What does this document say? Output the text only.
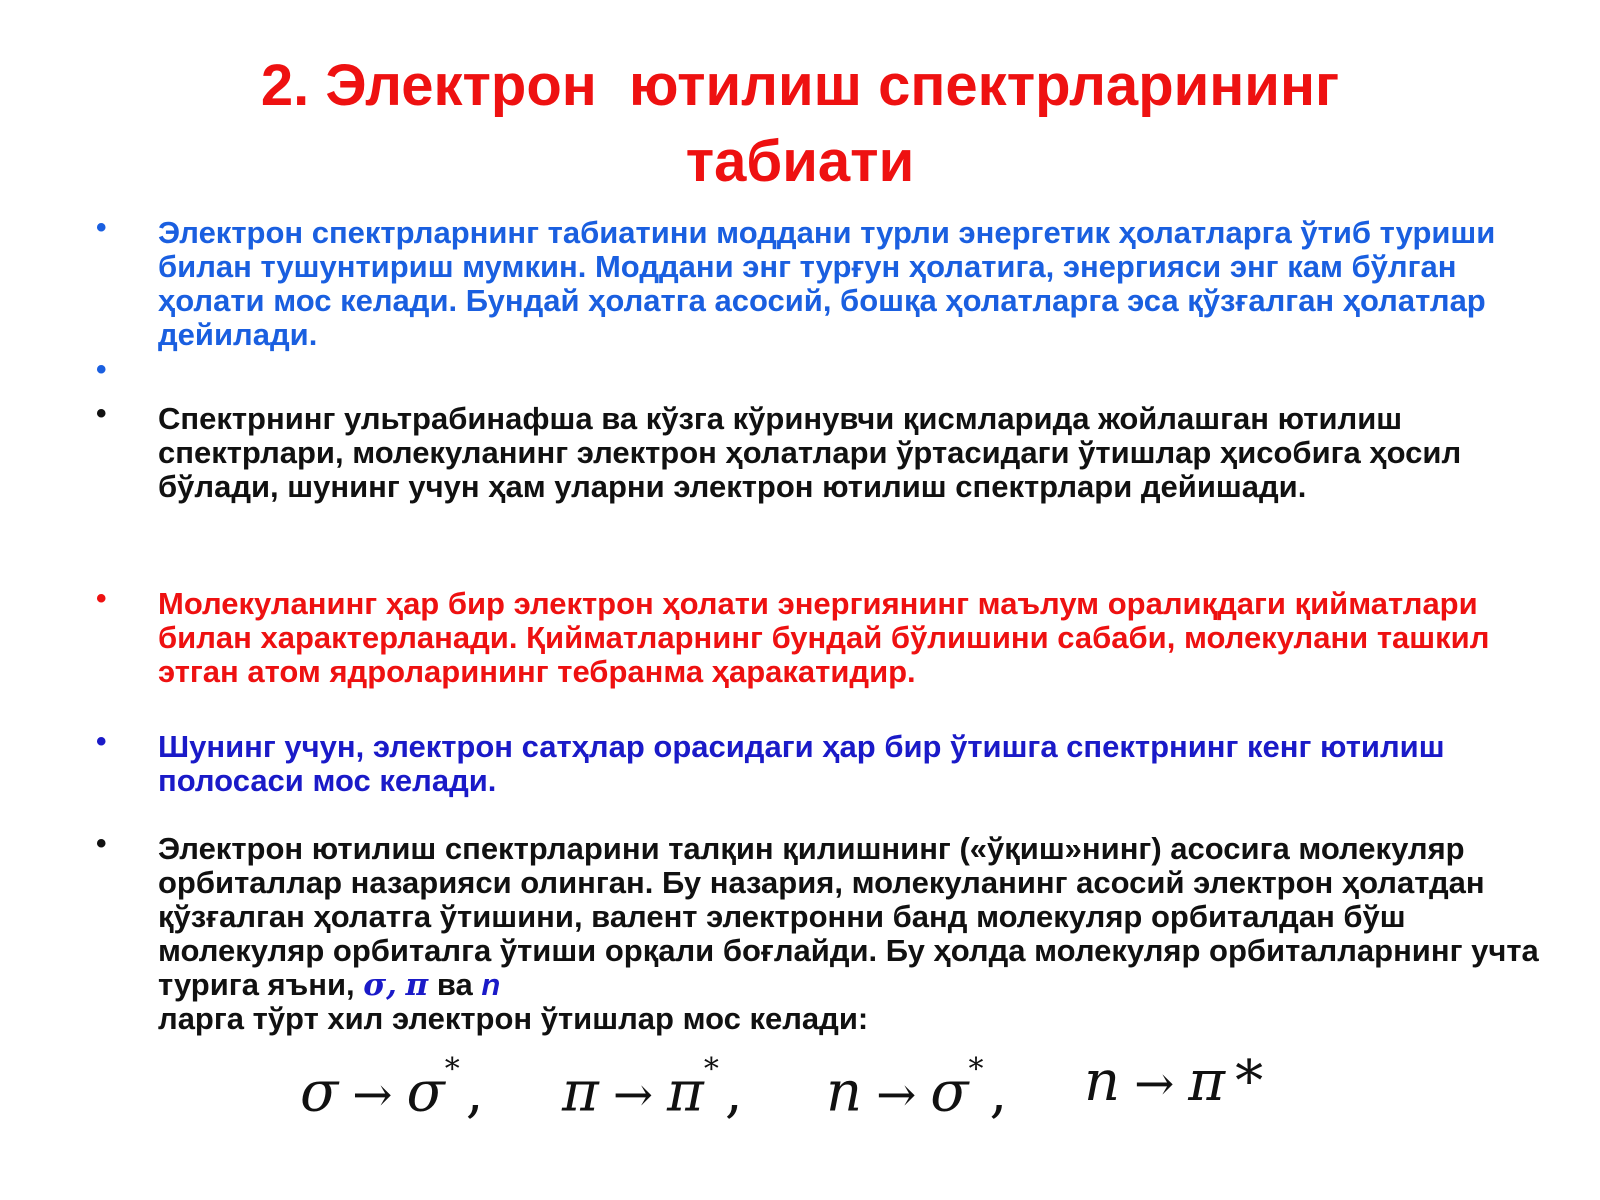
2. Электрон  ютилиш спектрларининг
табиати
• Электрон спектрларнинг табиатини моддани турли энергетик ҳолатларга ўтиб туриши билан тушунтириш мумкин. Моддани энг турғун ҳолатига, энергияси энг кам бўлган ҳолати мос келади. Бундай ҳолатга асосий, бошқа ҳолатларга эса қўзғалган ҳолатлар дейилади.
•
• Спектрнинг ультрабинафша ва кўзга кўринувчи қисмларида жойлашган ютилиш спектрлари, молекуланинг электрон ҳолатлари ўртасидаги ўтишлар ҳисобига ҳосил бўлади, шунинг учун ҳам уларни электрон ютилиш спектрлари дейишади.
• Молекуланинг ҳар бир электрон ҳолати энергиянинг маълум оралиқдаги қийматлари билан характерланади. Қийматларнинг бундай бўлишини сабаби, молекулани ташкил этган атом ядроларининг тебранма ҳаракатидир.
• Шунинг учун, электрон сатҳлар орасидаги ҳар бир ўтишга спектрнинг кенг ютилиш полосаси мос келади.
• Электрон ютилиш спектрларини талқин қилишнинг («ўқиш»нинг) асосига молекуляр орбиталлар назарияси олинган. Бу назария, молекуланинг асосий электрон ҳолатдан қўзғалган ҳолатга ўтишини, валент электронни банд молекуляр орбиталдан бўш молекуляр орбиталга ўтиши орқали боғлайди. Бу ҳолда молекуляр орбиталларнинг учта турига яъни, σ, π ва n
ларга тўрт хил электрон ўтишлар мос келади:
σ → σ* , π → π* , n → σ* , n → π *
